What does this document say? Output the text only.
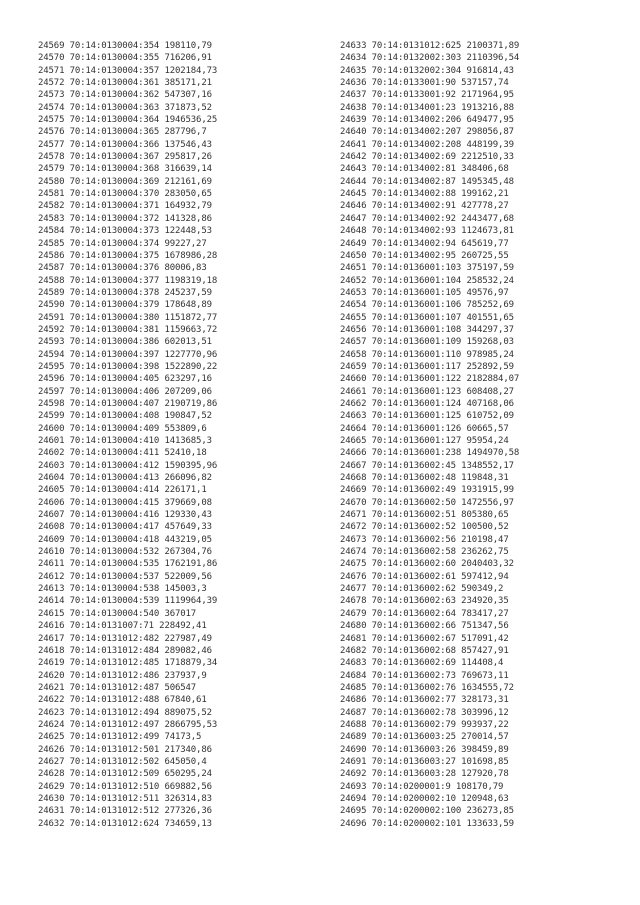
24569 70:14:0130004:354 198110,79
24570 70:14:0130004:355 716206,91
24571 70:14:0130004:357 1202184,73
24572 70:14:0130004:361 385171,21
24573 70:14:0130004:362 547307,16
24574 70:14:0130004:363 371873,52
24575 70:14:0130004:364 1946536,25
24576 70:14:0130004:365 287796,7
24577 70:14:0130004:366 137546,43
24578 70:14:0130004:367 295817,26
24579 70:14:0130004:368 316639,14
24580 70:14:0130004:369 212161,69
24581 70:14:0130004:370 283050,65
24582 70:14:0130004:371 164932,79
24583 70:14:0130004:372 141328,86
24584 70:14:0130004:373 122448,53
24585 70:14:0130004:374 99227,27
24586 70:14:0130004:375 1678986,28
24587 70:14:0130004:376 80006,83
24588 70:14:0130004:377 1198319,18
24589 70:14:0130004:378 245237,59
24590 70:14:0130004:379 178648,89
24591 70:14:0130004:380 1151872,77
24592 70:14:0130004:381 1159663,72
24593 70:14:0130004:386 602013,51
24594 70:14:0130004:397 1227770,96
24595 70:14:0130004:398 1522890,22
24596 70:14:0130004:405 623297,16
24597 70:14:0130004:406 207209,06
24598 70:14:0130004:407 2190719,86
24599 70:14:0130004:408 190847,52
24600 70:14:0130004:409 553809,6
24601 70:14:0130004:410 1413685,3
24602 70:14:0130004:411 52410,18
24603 70:14:0130004:412 1590395,96
24604 70:14:0130004:413 266096,82
24605 70:14:0130004:414 226171,1
24606 70:14:0130004:415 379669,08
24607 70:14:0130004:416 129330,43
24608 70:14:0130004:417 457649,33
24609 70:14:0130004:418 443219,05
24610 70:14:0130004:532 267304,76
24611 70:14:0130004:535 1762191,86
24612 70:14:0130004:537 522009,56
24613 70:14:0130004:538 145003,3
24614 70:14:0130004:539 1119964,39
24615 70:14:0130004:540 367017
24616 70:14:0131007:71 228492,41
24617 70:14:0131012:482 227987,49
24618 70:14:0131012:484 289082,46
24619 70:14:0131012:485 1718879,34
24620 70:14:0131012:486 237937,9
24621 70:14:0131012:487 506547
24622 70:14:0131012:488 67840,61
24623 70:14:0131012:494 889075,52
24624 70:14:0131012:497 2866795,53
24625 70:14:0131012:499 74173,5
24626 70:14:0131012:501 217340,86
24627 70:14:0131012:502 645050,4
24628 70:14:0131012:509 650295,24
24629 70:14:0131012:510 669882,56
24630 70:14:0131012:511 326314,83
24631 70:14:0131012:512 277326,36
24632 70:14:0131012:624 734659,13
24633 70:14:0131012:625 2100371,89
24634 70:14:0132002:303 2110396,54
24635 70:14:0132002:304 916814,43
24636 70:14:0133001:90 537157,74
24637 70:14:0133001:92 2171964,95
24638 70:14:0134001:23 1913216,88
24639 70:14:0134002:206 649477,95
24640 70:14:0134002:207 298056,87
24641 70:14:0134002:208 448199,39
24642 70:14:0134002:69 2212510,33
24643 70:14:0134002:81 348406,68
24644 70:14:0134002:87 1495345,48
24645 70:14:0134002:88 199162,21
24646 70:14:0134002:91 427778,27
24647 70:14:0134002:92 2443477,68
24648 70:14:0134002:93 1124673,81
24649 70:14:0134002:94 645619,77
24650 70:14:0134002:95 260725,55
24651 70:14:0136001:103 375197,59
24652 70:14:0136001:104 258532,24
24653 70:14:0136001:105 49576,97
24654 70:14:0136001:106 785252,69
24655 70:14:0136001:107 401551,65
24656 70:14:0136001:108 344297,37
24657 70:14:0136001:109 159268,03
24658 70:14:0136001:110 978985,24
24659 70:14:0136001:117 252892,59
24660 70:14:0136001:122 2182884,07
24661 70:14:0136001:123 608408,27
24662 70:14:0136001:124 407168,06
24663 70:14:0136001:125 610752,09
24664 70:14:0136001:126 60665,57
24665 70:14:0136001:127 95954,24
24666 70:14:0136001:238 1494970,58
24667 70:14:0136002:45 1348552,17
24668 70:14:0136002:48 119848,31
24669 70:14:0136002:49 1931915,99
24670 70:14:0136002:50 1472556,97
24671 70:14:0136002:51 805380,65
24672 70:14:0136002:52 100500,52
24673 70:14:0136002:56 210198,47
24674 70:14:0136002:58 236262,75
24675 70:14:0136002:60 2040403,32
24676 70:14:0136002:61 597412,94
24677 70:14:0136002:62 590349,2
24678 70:14:0136002:63 234920,35
24679 70:14:0136002:64 783417,27
24680 70:14:0136002:66 751347,56
24681 70:14:0136002:67 517091,42
24682 70:14:0136002:68 857427,91
24683 70:14:0136002:69 114408,4
24684 70:14:0136002:73 769673,11
24685 70:14:0136002:76 1634555,72
24686 70:14:0136002:77 328173,31
24687 70:14:0136002:78 303996,12
24688 70:14:0136002:79 993937,22
24689 70:14:0136003:25 270014,57
24690 70:14:0136003:26 398459,89
24691 70:14:0136003:27 101698,85
24692 70:14:0136003:28 127920,78
24693 70:14:0200001:9 108170,79
24694 70:14:0200002:10 120948,63
24695 70:14:0200002:100 236273,85
24696 70:14:0200002:101 133633,59
